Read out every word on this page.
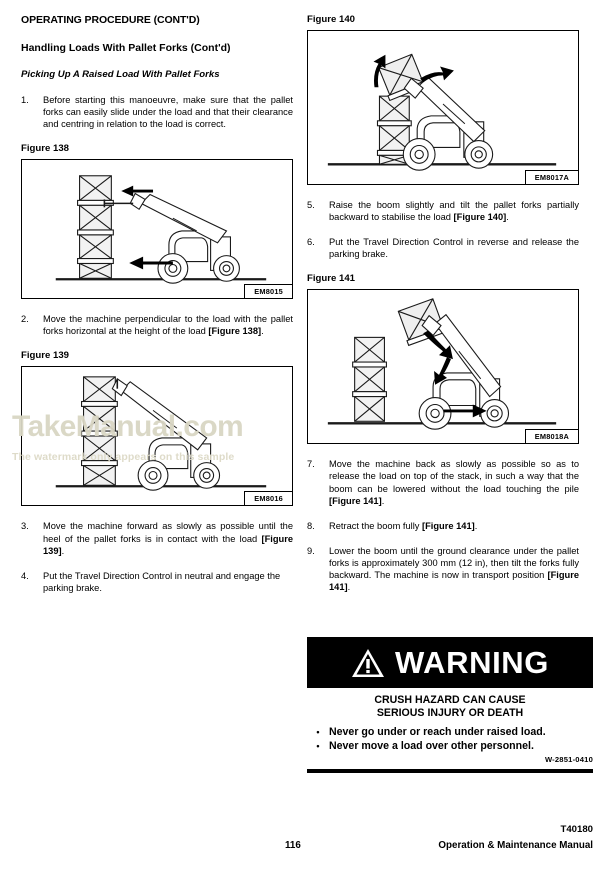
OPERATING PROCEDURE (CONT'D)
Handling Loads With Pallet Forks (Cont'd)
Picking Up A Raised Load With Pallet Forks
1.	Before starting this manoeuvre, make sure that the pallet forks can easily slide under the load and that their clearance and centring in relation to the load is correct.
Figure 138
EM8015
2.	Move the machine perpendicular to the load with the pallet forks horizontal at the height of the load [Figure 138].
Figure 139
EM8016
3.	Move the machine forward as slowly as possible until the heel of the pallet forks is in contact with the load [Figure 139].
4.	Put the Travel Direction Control in neutral and engage the parking brake.
Figure 140
EM8017A
5.	Raise the boom slightly and tilt the pallet forks partially backward to stabilise the load [Figure 140].
6.	Put the Travel Direction Control in reverse and release the parking brake.
Figure 141
EM8018A
7.	Move the machine back as slowly as possible so as to release the load on top of the stack, in such a way that the boom can be lowered without the load touching the pile [Figure 141].
8.	Retract the boom fully [Figure 141].
9.	Lower the boom until the ground clearance under the pallet forks is approximately 300 mm (12 in), then tilt the forks fully backward. The machine is now in transport position [Figure 141].
WARNING
CRUSH HAZARD CAN CAUSE
SERIOUS INJURY OR DEATH
• Never go under or reach under raised load.
• Never move a load over other personnel.
W-2851-0410
TakeManual.com
The watermark only appears on this sample
T40180
116	Operation & Maintenance Manual
